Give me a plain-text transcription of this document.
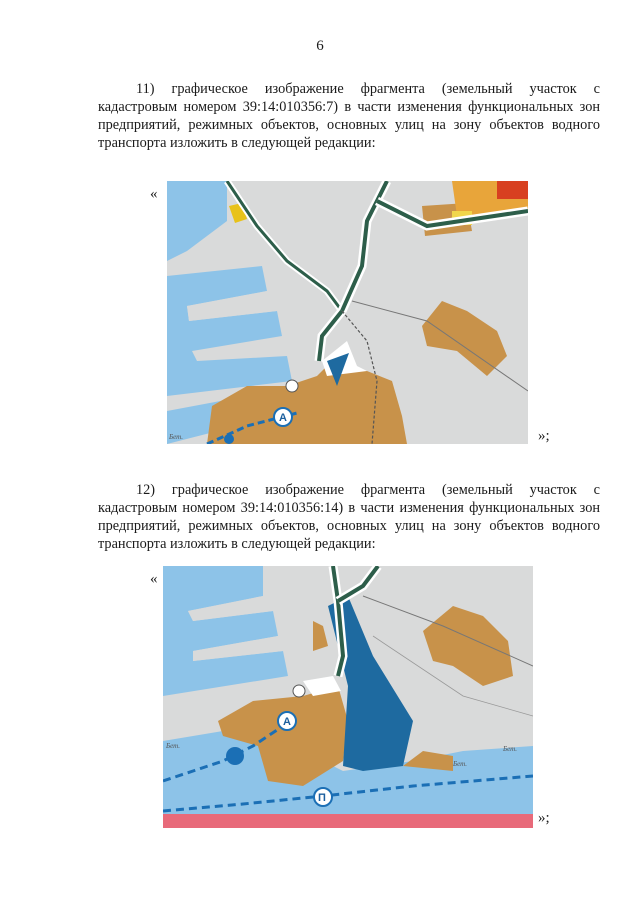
6
11) графическое изображение фрагмента (земельный участок с кадастровым номером 39:14:010356:7) в части изменения функциональных зон предприятий, режимных объектов, основных улиц на зону объектов водного транспорта изложить в следующей редакции:
«
А
Бет.	»;
12) графическое изображение фрагмента (земельный участок с кадастровым номером 39:14:010356:14) в части изменения функциональных зон предприятий, режимных объектов, основных улиц на зону объектов водного транспорта изложить в следующей редакции:
«
А
П
Бет.
Бет.
Бет.
»;
